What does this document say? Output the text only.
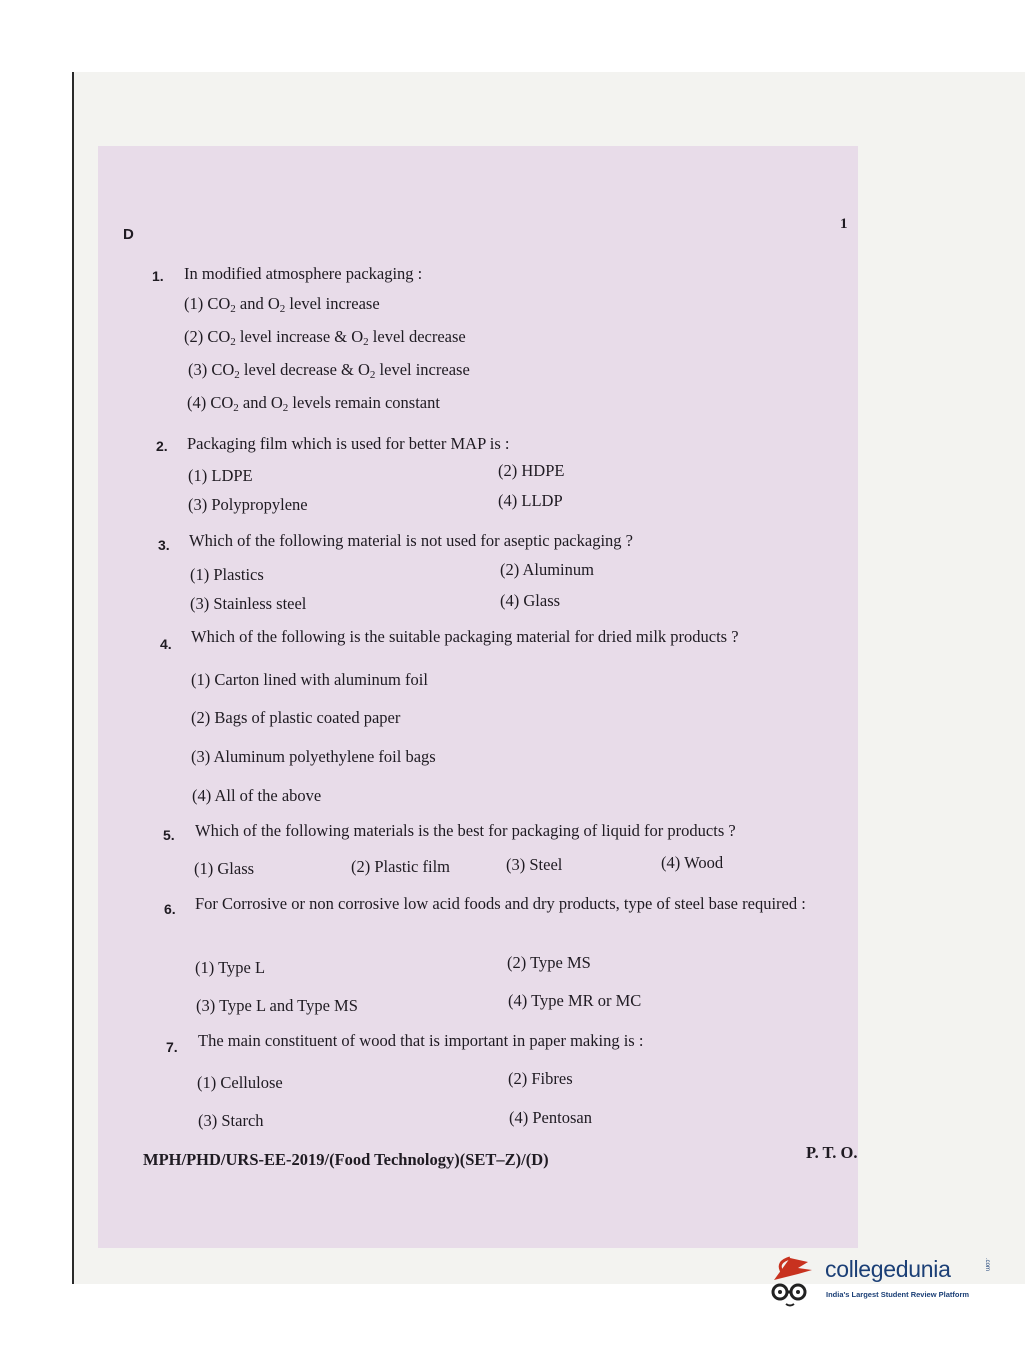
D
1
1. In modified atmosphere packaging :
(1) $CO_2$ and $O_2$ level increase
(2) $CO_2$ level increase & $O_2$ level decrease
(3) $CO_2$ level decrease & $O_2$ level increase
(4) $CO_2$ and $O_2$ levels remain constant
2. Packaging film which is used for better MAP is :
(1) LDPE	(2) HDPE
(3) Polypropylene	(4) LLDP
3. Which of the following material is not used for aseptic packaging ?
(1) Plastics	(2) Aluminum
(3) Stainless steel	(4) Glass
4. Which of the following is the suitable packaging material for dried milk products ?
(1) Carton lined with aluminum foil
(2) Bags of plastic coated paper
(3) Aluminum polyethylene foil bags
(4) All of the above
5. Which of the following materials is the best for packaging of liquid for products ?
(1) Glass	(2) Plastic film	(3) Steel	(4) Wood
6. For Corrosive or non corrosive low acid foods and dry products, type of steel base required :
(1) Type L	(2) Type MS
(3) Type L and Type MS	(4) Type MR or MC
7. The main constituent of wood that is important in paper making is :
(1) Cellulose	(2) Fibres
(3) Starch	(4) Pentosan
MPH/PHD/URS-EE-2019/(Food Technology)(SET–Z)/(D)	P. T. O.
collegedunia	.com
India's Largest Student Review Platform
